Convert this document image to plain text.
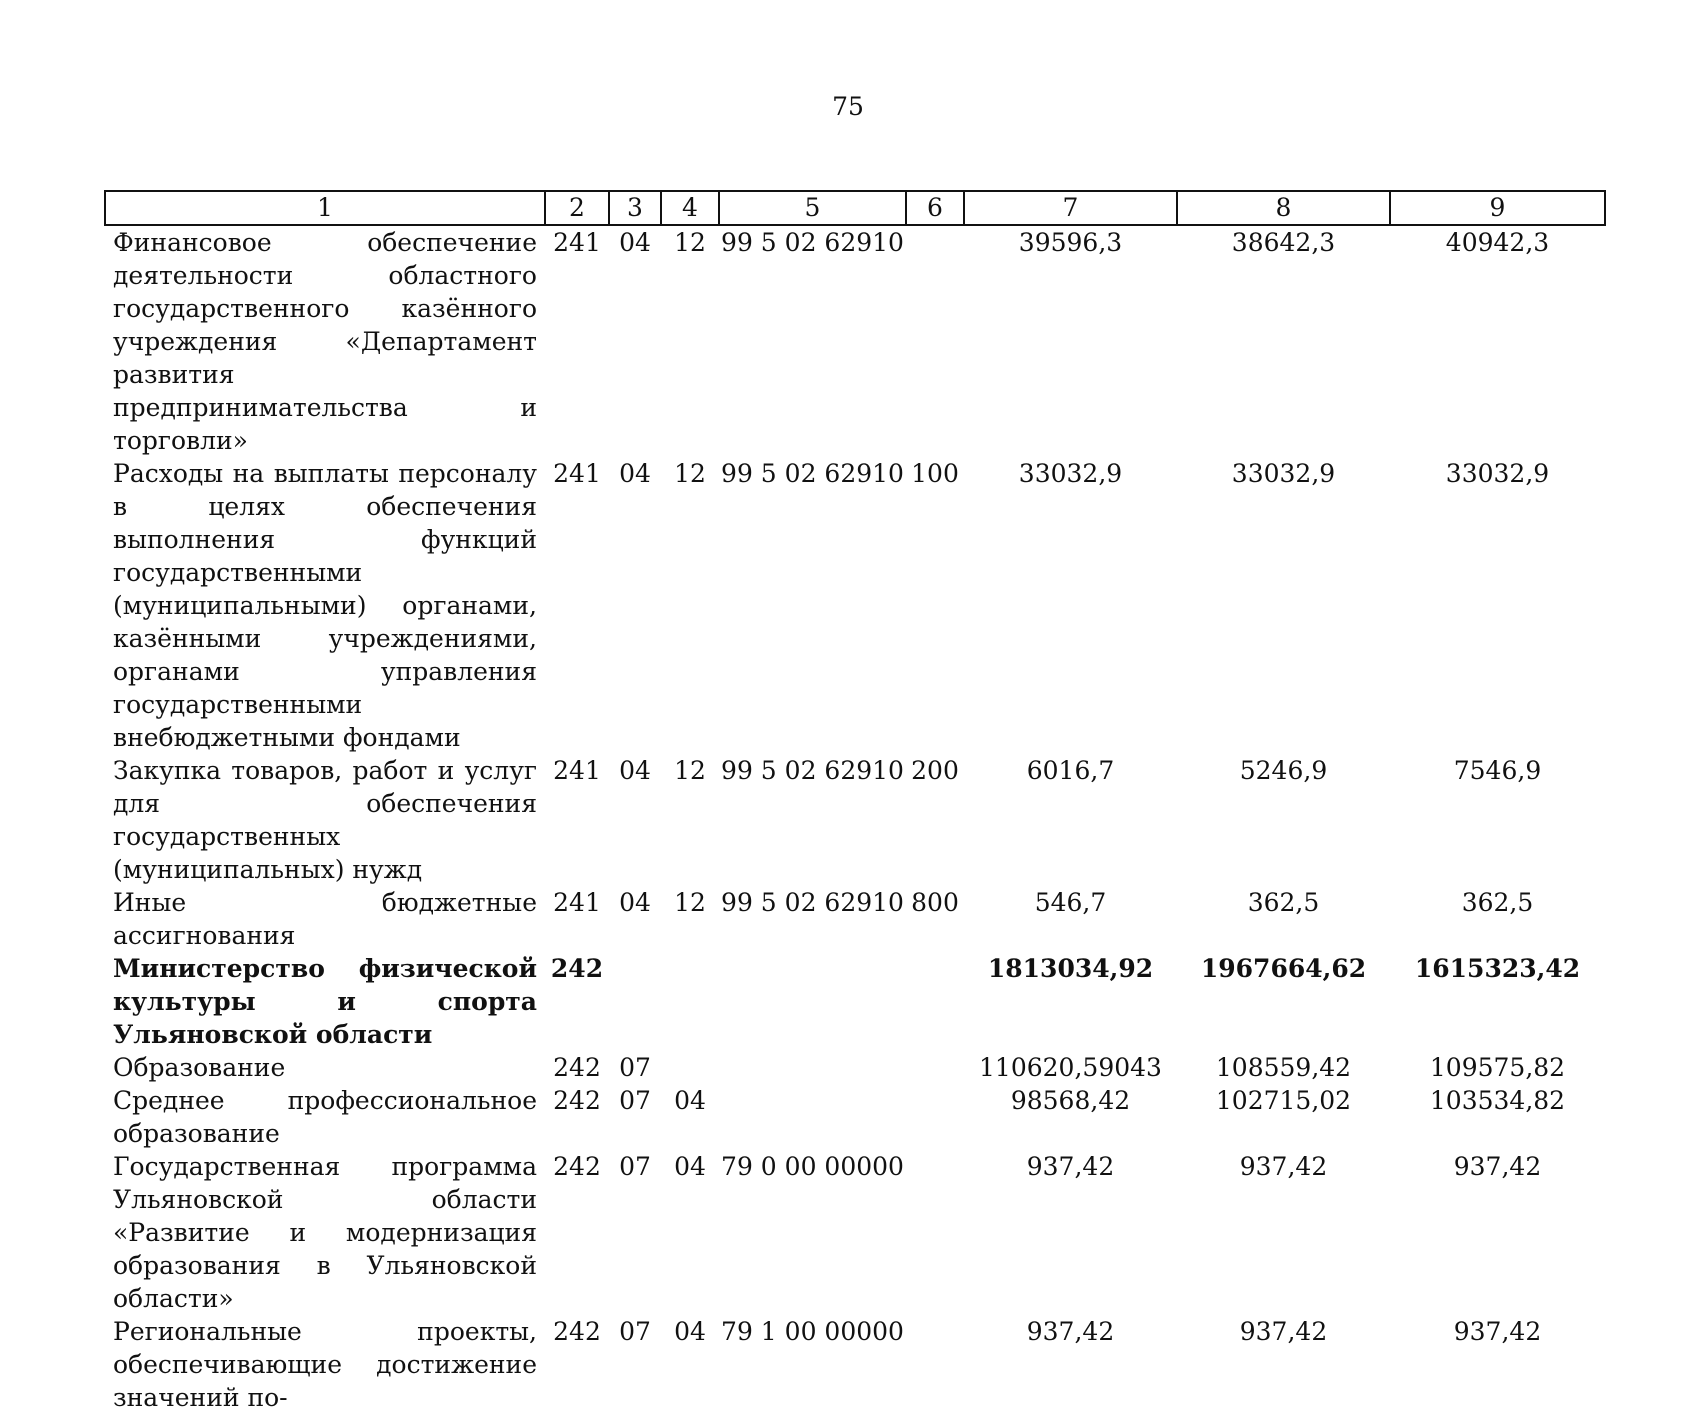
75
1	2	3	4	5	6	7	8	9
Финансовое обеспечение деятельности областного государственного казённого учреждения «Департамент развития предпринимательства и торговли»	241	04	12	99 5 02 62910		39596,3	38642,3	40942,3
Расходы на выплаты персоналу в целях обеспечения выполнения функций государственными (муниципальными) органами, казёнными учреждениями, органами управления государственными внебюджетными фондами	241	04	12	99 5 02 62910	100	33032,9	33032,9	33032,9
Закупка товаров, работ и услуг для обеспечения государственных (муниципальных) нужд	241	04	12	99 5 02 62910	200	6016,7	5246,9	7546,9
Иные бюджетные ассигнования	241	04	12	99 5 02 62910	800	546,7	362,5	362,5
Министерство физической культуры и спорта Ульяновской области	242					1813034,92	1967664,62	1615323,42
Образование	242	07				110620,59043	108559,42	109575,82
Среднее профессиональное образование	242	07	04			98568,42	102715,02	103534,82
Государственная программа Ульяновской области «Развитие и модернизация образования в Ульяновской области»	242	07	04	79 0 00 00000		937,42	937,42	937,42
Региональные проекты, обеспечивающие достижение значений по-	242	07	04	79 1 00 00000		937,42	937,42	937,42
